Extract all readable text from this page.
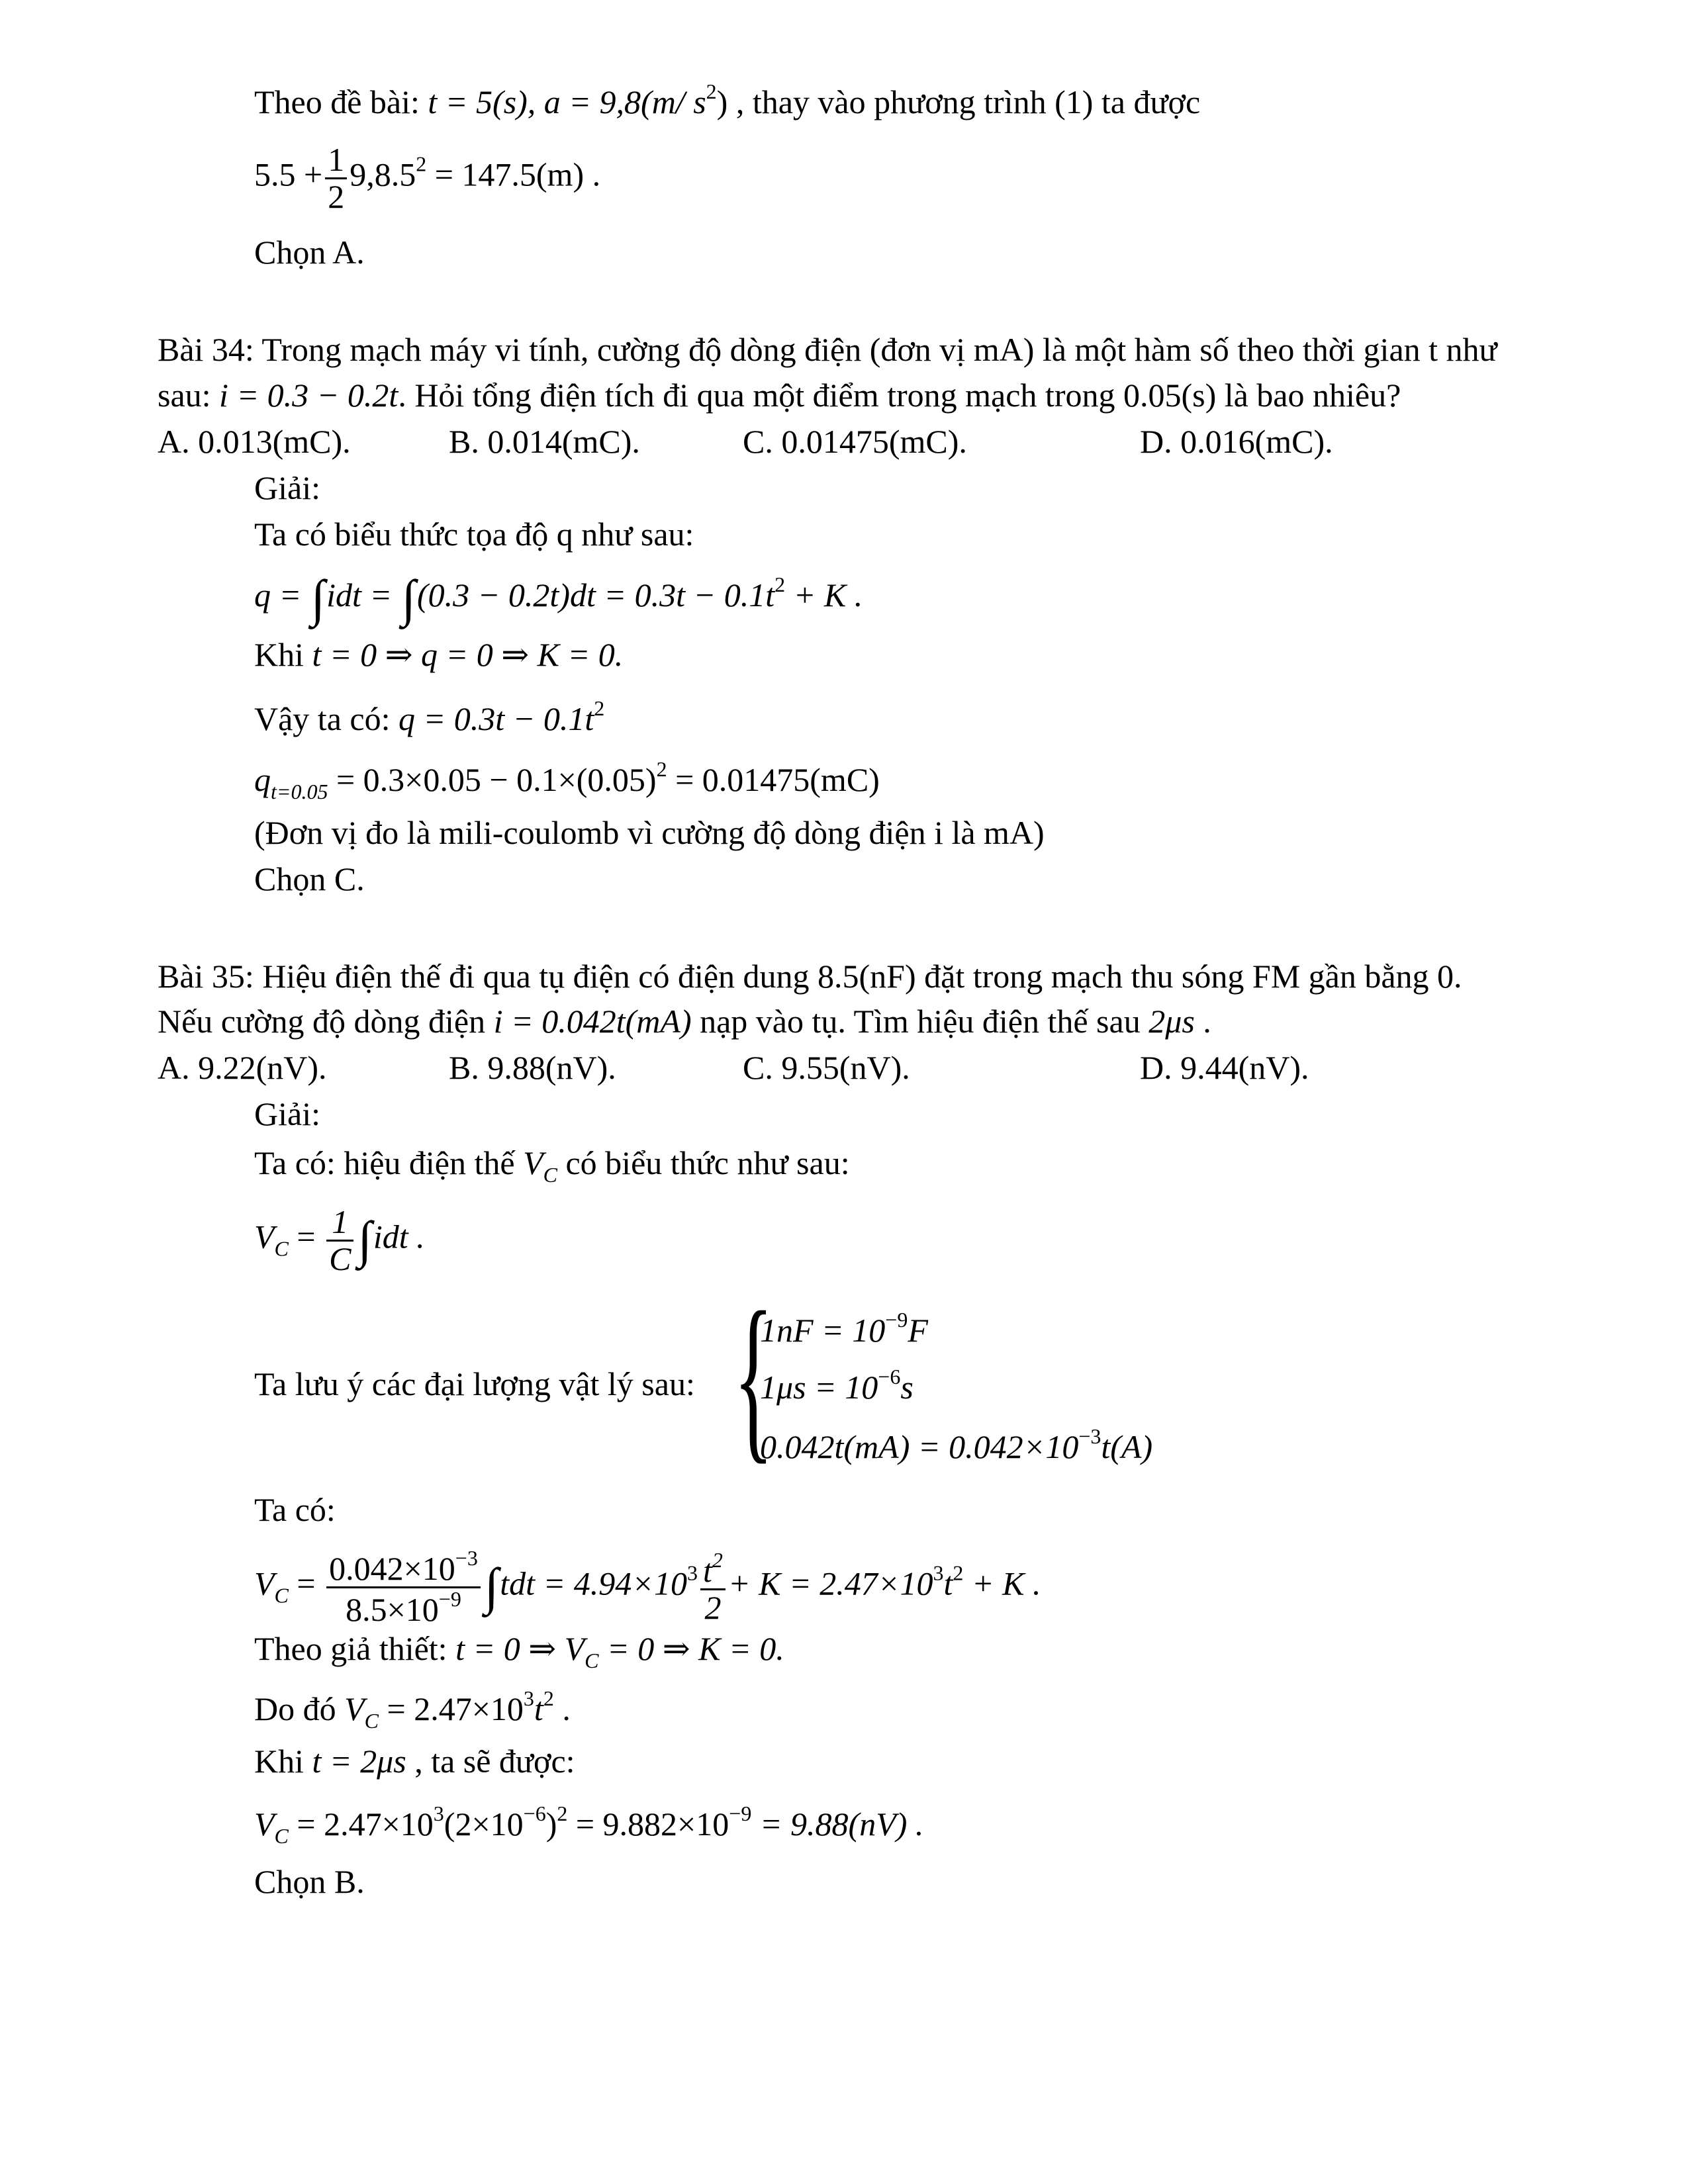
Theo đề bài: t = 5(s), a = 9,8(m/ $s^2$) , thay vào phương trình (1) ta được
$5.5 + \frac{1}{2} 9,8.5^2 = 147.5(m)$ .
Chọn A.
Bài 34: Trong mạch máy vi tính, cường độ dòng điện (đơn vị mA) là một hàm số theo thời gian t như
sau: i = 0.3 − 0.2t. Hỏi tổng điện tích đi qua một điểm trong mạch trong 0.05(s) là bao nhiêu?
A. 0.013(mC).	B. 0.014(mC).	C. 0.01475(mC).	D. 0.016(mC).
Giải:
Ta có biểu thức tọa độ q như sau:
$q = \int idt = \int(0.3 - 0.2t)dt = 0.3t - 0.1t^2 + K$ .
Khi t = 0 ⇒ q = 0 ⇒ K = 0.
Vậy ta có: $q = 0.3t - 0.1t^2$
$q_{t=0.05} = 0.3\times 0.05 - 0.1\times(0.05)^2 = 0.01475(mC)$
(Đơn vị đo là mili-coulomb vì cường độ dòng điện i là mA)
Chọn C.
Bài 35: Hiệu điện thế đi qua tụ điện có điện dung 8.5(nF) đặt trong mạch thu sóng FM gần bằng 0.
Nếu cường độ dòng điện i = 0.042t(mA) nạp vào tụ. Tìm hiệu điện thế sau 2μs .
A. 9.22(nV).	B. 9.88(nV).	C. 9.55(nV).	D. 9.44(nV).
Giải:
Ta có: hiệu điện thế $V_C$ có biểu thức như sau:
$V_C = \frac{1}{C} \int idt$ .
Ta lưu ý các đại lượng vật lý sau: {
$1nF = 10^{-9}F$
$1\mu s = 10^{-6}s$
$0.042t(mA) = 0.042\times 10^{-3}t(A)$
Ta có:
$V_C = \frac{0.042\times 10^{-3}}{8.5\times 10^{-9}} \int tdt = 4.94\times 10^3 \frac{t^2}{2} + K = 2.47\times 10^3t^2 + K$ .
Theo giả thiết: t = 0 ⇒ $V_C = 0$ ⇒ K = 0.
Do đó $V_C = 2.47\times 10^3t^2$ .
Khi t = 2μs , ta sẽ được:
$V_C = 2.47\times 10^3(2\times 10^{-6})^2 = 9.882\times 10^{-9} = 9.88(nV)$ .
Chọn B.
